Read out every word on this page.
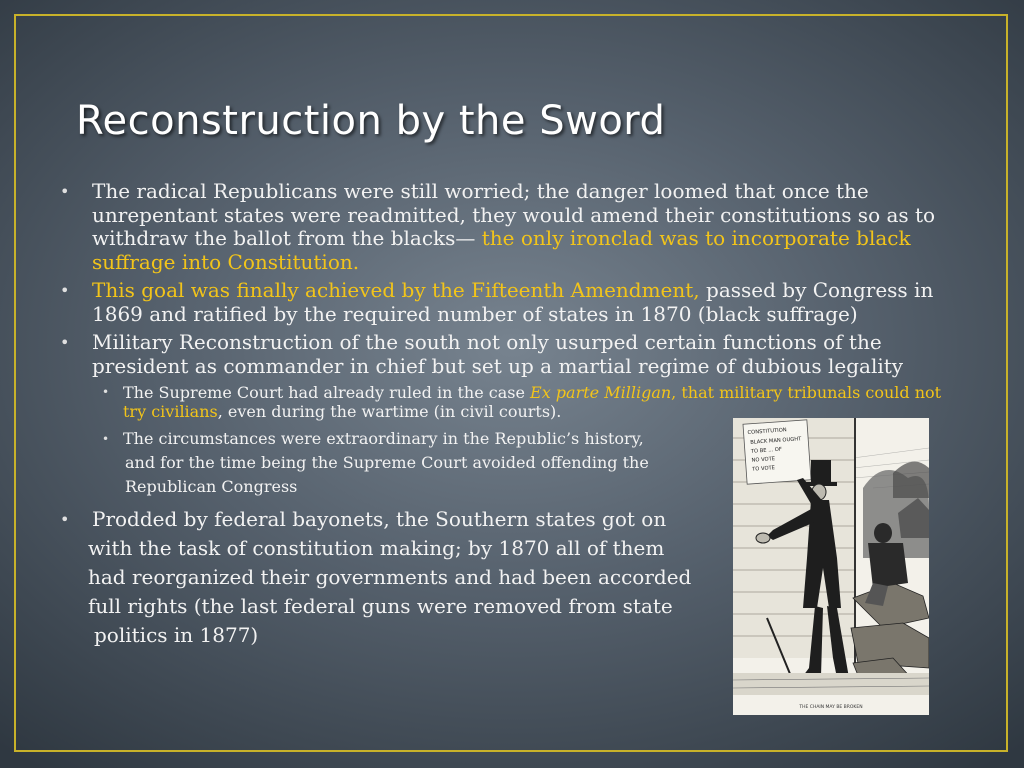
Reconstruction by the Sword
• The radical Republicans were still worried; the danger loomed that once the unrepentant states were readmitted, they would amend their constitutions so as to withdraw the ballot from the blacks— the only ironclad was to incorporate black suffrage into Constitution.
• This goal was finally achieved by the Fifteenth Amendment, passed by Congress in 1869 and ratified by the required number of states in 1870 (black suffrage)
• Military Reconstruction of the south not only usurped certain functions of the president as commander in chief but set up a martial regime of dubious legality
• The Supreme Court had already ruled in the case Ex parte Milligan, that military tribunals could not try civilians, even during the wartime (in civil courts).
• The circumstances were extraordinary in the Republic’s history,
and for the time being the Supreme Court avoided offending the
Republican Congress
• Prodded by federal bayonets, the Southern states got on
with the task of constitution making; by 1870 all of them
had reorganized their governments and had been accorded
full rights (the last federal guns were removed from state
politics in 1877)
CONSTITUTION
BLACK MAN OUGHT
TO BE ... OF
NO VOTE
TO VOTE
THE CHAIN MAY BE BROKEN
